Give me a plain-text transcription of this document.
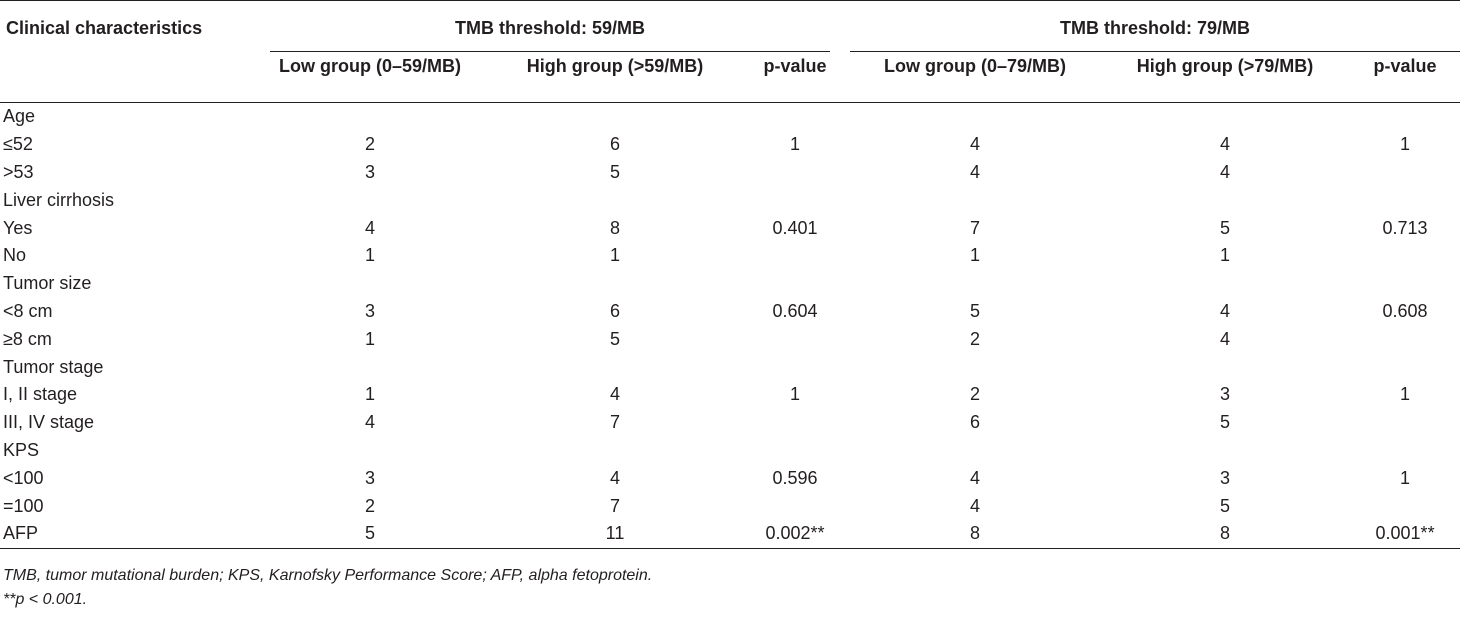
Clinical characteristics	TMB threshold: 59/MB			TMB threshold: 79/MB		

	Low group (0–59/MB)	High group (>59/MB)	p-value	Low group (0–79/MB)	High group (>79/MB)	p-value
Age						
≤52	2	6	1	4	4	1
>53	3	5		4	4	
Liver cirrhosis						
Yes	4	8	0.401	7	5	0.713
No	1	1		1	1	
Tumor size						
<8 cm	3	6	0.604	5	4	0.608
≥8 cm	1	5		2	4	
Tumor stage						
I, II stage	1	4	1	2	3	1
III, IV stage	4	7		6	5	
KPS						
<100	3	4	0.596	4	3	1
=100	2	7		4	5	
AFP	5	11	0.002**	8	8	0.001**
TMB, tumor mutational burden; KPS, Karnofsky Performance Score; AFP, alpha fetoprotein.
**p < 0.001.
